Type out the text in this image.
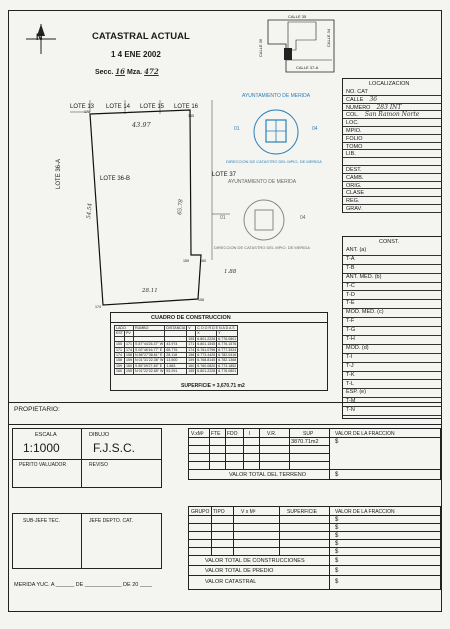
N	CATASTRAL ACTUAL
1 4 ENE 2002
Secc. 16 Mza. 472
CALLE 35
CALLE 36
CALLE 34
CALLE 37-A
LOTE 13 LOTE 14 LOTE 15 LOTE 16
LOTE 36-A	LOTE 36-B
LOTE 37
43.97
54.54	65.78
1.88
28.11
171
155
174
158
159	160
AYUNTAMIENTO DE MERIDA
01	04
DIRECCION DE CATASTRO DEL MPIO. DE MERIDA
AYUNTAMIENTO DE MERIDA
01	04
DIRECCION DE CATASTRO DEL MPIO. DE MERIDA
CUADRO DE CONSTRUCCION
LADO		RUMBO	DISTANCIA	V	C O O R D E N A D A S	
EST	PV				X	Y
				155	6.801.2226	6.776.0801
155	171	S 87°44'26.37" W	43.974	171	6.801.1545	6.776.1576
171	174	S 02°46'16.77" E	65.776	174	6.761.0796	6.777.3924
174	158	N 86°27'38.61" E	28.118	158	6.773.4425	6.782.0416
158	159	N 01°31'22.36" W	13.500	159	6.768.8145	6.782.1368
159	160	S 85°09'27.45" E	1.883	160	6.760.0820	6.773.1852
160	155	N 01°22'02.85" W	53.291	155	6.801.2228	6.776.0801
SUPERFICIE = 3,670.71 m2
LOCALIZACION
NO. CAT
CALLE 36
NUMERO 283 INT
COL. San Ramon Norte
LOC.
MPIO.
FOLIO
TOMO
LIB.
DEST.
CAMB.
ORIG.
CLASE
REG.
GRAV.
CONST.
ANT. (a)
T-A
T-B
ANT. MED. (b)
T-C
T-D
T-E
MOD. MED. (c)
T-F
T-G
T-H
MOD. (d)
T-I
T-J
T-K
T-L
ESP. (e)
T-M
T-N
PROPIETARIO:
ESCALA
1:1000
DIBUJO
F.J.S.C.
PERITO VALUADOR	REVISO
SUB-JEFE TEC.	JEFE DEPTO. CAT.
V.xM² FTE FDO I	V.R.	SUP	VALOR DE LA FRACCION
3870.71m2	$
VALOR TOTAL DEL TERRENO	$
GRUPO TIPO	V x M²	SUPERFICIE	VALOR DE LA FRACCION
$
$
$
$
$
VALOR TOTAL DE CONSTRUCCIONES	$
VALOR TOTAL DE PREDIO	$
VALOR CATASTRAL	$
MERIDA YUC. A ______ DE ____________ DE 20 ____
